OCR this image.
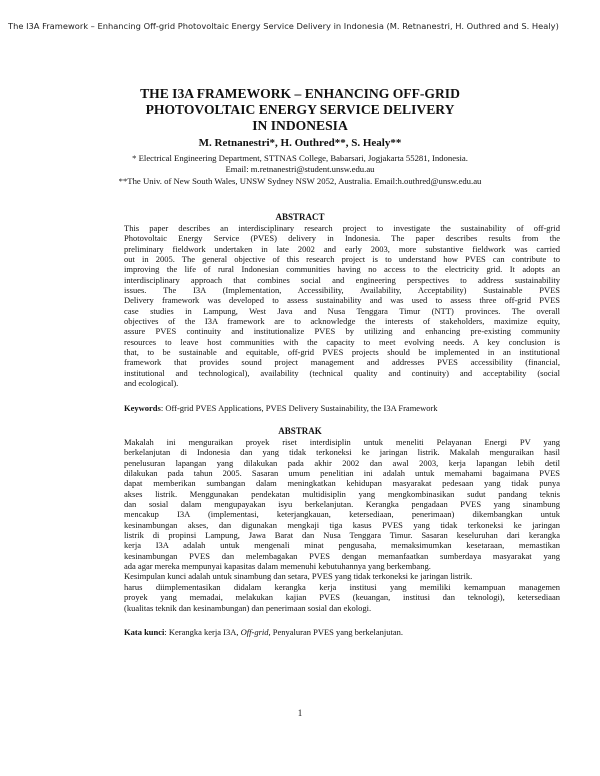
The I3A Framework – Enhancing Off-grid Photovoltaic Energy Service Delivery in Indonesia (M. Retnanestri, H. Outhred and S. Healy)
THE I3A FRAMEWORK – ENHANCING OFF-GRID
PHOTOVOLTAIC ENERGY SERVICE DELIVERY
IN INDONESIA
M. Retnanestri*, H. Outhred**, S. Healy**
* Electrical Engineering Department, STTNAS College, Babarsari, Jogjakarta 55281, Indonesia.
Email: m.retnanestri@student.unsw.edu.au
**The Univ. of New South Wales, UNSW Sydney NSW 2052, Australia. Email:h.outhred@unsw.edu.au
ABSTRACT
This paper describes an interdisciplinary research project to investigate the sustainability of off-grid
Photovoltaic Energy Service (PVES) delivery in Indonesia. The paper describes results from the
preliminary fieldwork undertaken in late 2002 and early 2003, more substantive fieldwork was carried
out in 2005. The general objective of this research project is to understand how PVES can contribute to
improving the life of rural Indonesian communities having no access to the electricity grid. It adopts an
interdisciplinary approach that combines social and engineering perspectives to address sustainability
issues. The I3A (Implementation, Accessibility, Availability, Acceptability) Sustainable PVES
Delivery framework was developed to assess sustainability and was used to assess three off-grid PVES
case studies in Lampung, West Java and Nusa Tenggara Timur (NTT) provinces. The overall
objectives of the I3A framework are to acknowledge the interests of stakeholders, maximize equity,
assure PVES continuity and institutionalize PVES by utilizing and enhancing pre-existing community
resources to leave host communities with the capacity to meet evolving needs. A key conclusion is
that, to be sustainable and equitable, off-grid PVES projects should be implemented in an institutional
framework that provides sound project management and addresses PVES accessibility (financial,
institutional and technological), availability (technical quality and continuity) and acceptability (social
and ecological).
Keywords: Off-grid PVES Applications, PVES Delivery Sustainability, the I3A Framework
ABSTRAK
Makalah ini menguraikan proyek riset interdisiplin untuk meneliti Pelayanan Energi PV yang
berkelanjutan di Indonesia dan yang tidak terkoneksi ke jaringan listrik. Makalah menguraikan hasil
penelusuran lapangan yang dilakukan pada akhir 2002 dan awal 2003, kerja lapangan lebih detil
dilakukan pada tahun 2005. Sasaran umum penelitian ini adalah untuk memahami bagaimana PVES
dapat memberikan sumbangan dalam meningkatkan kehidupan masyarakat pedesaan yang tidak punya
akses listrik. Menggunakan pendekatan multidisiplin yang mengkombinasikan sudut pandang teknis
dan sosial dalam mengupayakan isyu berkelanjutan. Kerangka pengadaan PVES yang sinambung
mencakup I3A (implementasi, keterjangkauan, ketersediaan, penerimaan) dikembangkan untuk
kesinambungan akses, dan digunakan mengkaji tiga kasus PVES yang tidak terkoneksi ke jaringan
listrik di propinsi Lampung, Jawa Barat dan Nusa Tenggara Timur. Sasaran keseluruhan dari kerangka
kerja I3A adalah untuk mengenali minat pengusaha, memaksimumkan kesetaraan, memastikan
kesinambungan PVES dan melembagakan PVES dengan memanfaatkan sumberdaya masyarakat yang
ada agar mereka mempunyai kapasitas dalam memenuhi kebutuhannya yang berkembang.
Kesimpulan kunci adalah untuk sinambung dan setara, PVES yang tidak terkoneksi ke jaringan listrik.
harus diimplementasikan didalam kerangka kerja institusi yang memiliki kemampuan managemen
proyek yang memadai, melakukan kajian PVES (keuangan, institusi dan teknologi), ketersediaan
(kualitas teknik dan kesinambungan) dan penerimaan sosial dan ekologi.
Kata kunci: Kerangka kerja I3A, Off-grid, Penyaluran PVES yang berkelanjutan.
1
